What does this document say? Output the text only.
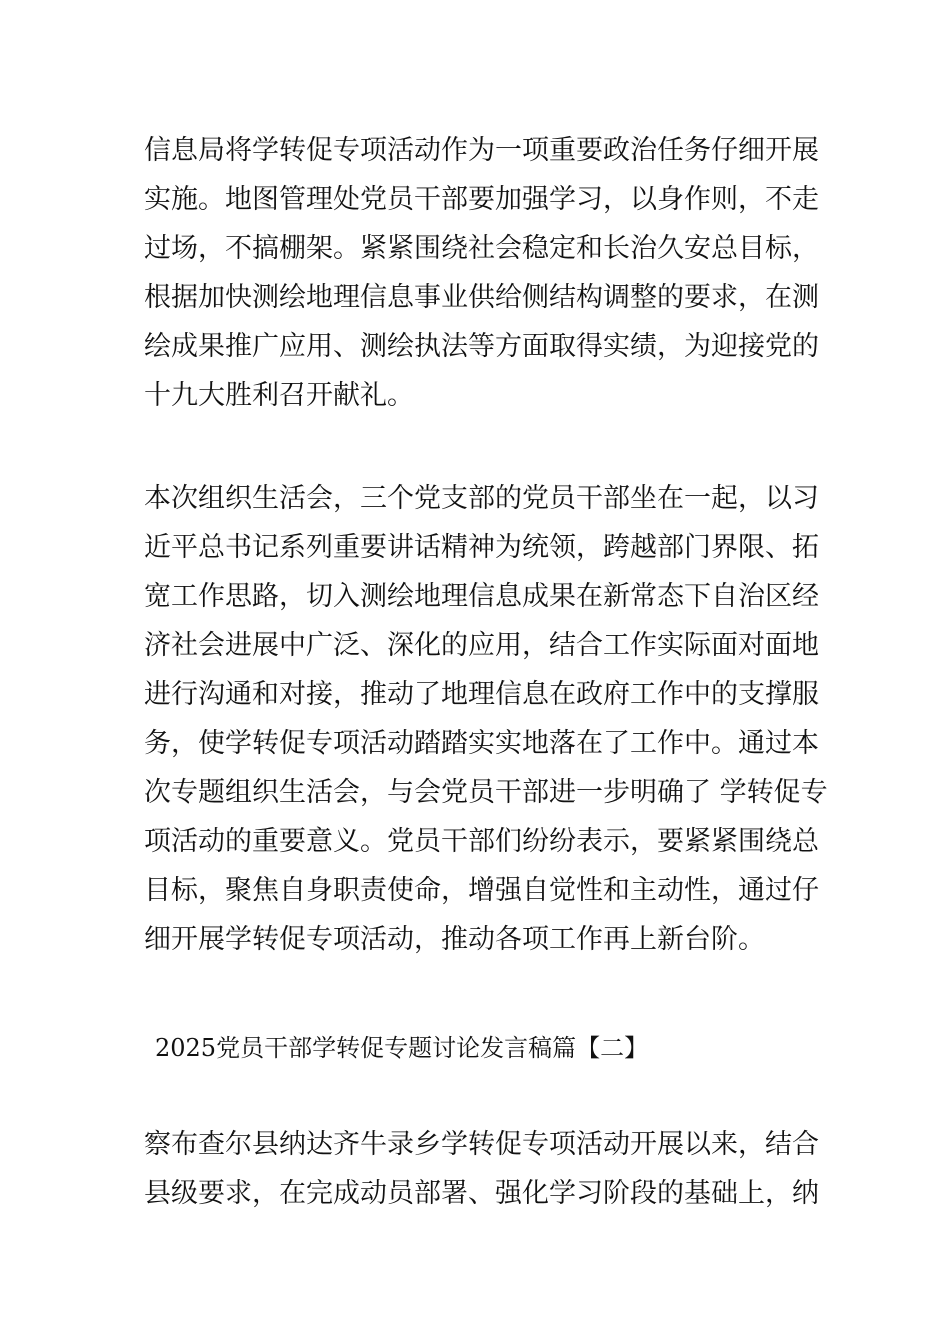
信息局将学转促专项活动作为一项重要政治任务仔细开展
实施。地图管理处党员干部要加强学习，以身作则，不走
过场，不搞棚架。紧紧围绕社会稳定和长治久安总目标，
根据加快测绘地理信息事业供给侧结构调整的要求，在测
绘成果推广应用、测绘执法等方面取得实绩，为迎接党的
十九大胜利召开献礼。

本次组织生活会，三个党支部的党员干部坐在一起，以习
近平总书记系列重要讲话精神为统领，跨越部门界限、拓
宽工作思路，切入测绘地理信息成果在新常态下自治区经
济社会进展中广泛、深化的应用，结合工作实际面对面地
进行沟通和对接，推动了地理信息在政府工作中的支撑服
务，使学转促专项活动踏踏实实地落在了工作中。通过本
次专题组织生活会，与会党员干部进一步明确了 学转促专
项活动的重要意义。党员干部们纷纷表示，要紧紧围绕总
目标，聚焦自身职责使命，增强自觉性和主动性，通过仔
细开展学转促专项活动，推动各项工作再上新台阶。

2025党员干部学转促专题讨论发言稿篇【二】

察布查尔县纳达齐牛录乡学转促专项活动开展以来，结合
县级要求，在完成动员部署、强化学习阶段的基础上，纳
